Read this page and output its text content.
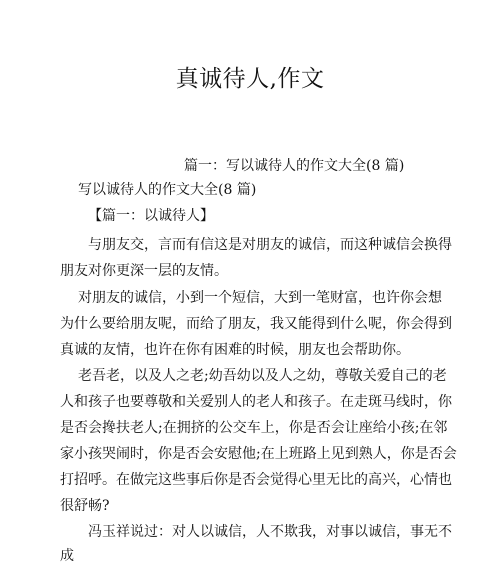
真诚待人,作文
篇一：写以诚待人的作文大全(8 篇)
写以诚待人的作文大全(8 篇)
【篇一：以诚待人】
与朋友交，言而有信这是对朋友的诚信，而这种诚信会换得
朋友对你更深一层的友情。
对朋友的诚信，小到一个短信，大到一笔财富，也许你会想
为什么要给朋友呢，而给了朋友，我又能得到什么呢，你会得到
真诚的友情，也许在你有困难的时候，朋友也会帮助你。
老吾老，以及人之老;幼吾幼以及人之幼，尊敬关爱自己的老
人和孩子也要尊敬和关爱别人的老人和孩子。在走斑马线时，你
是否会搀扶老人;在拥挤的公交车上，你是否会让座给小孩;在邻
家小孩哭闹时，你是否会安慰他;在上班路上见到熟人，你是否会
打招呼。在做完这些事后你是否会觉得心里无比的高兴，心情也
很舒畅?
冯玉祥说过：对人以诚信，人不欺我，对事以诚信，事无不
成
